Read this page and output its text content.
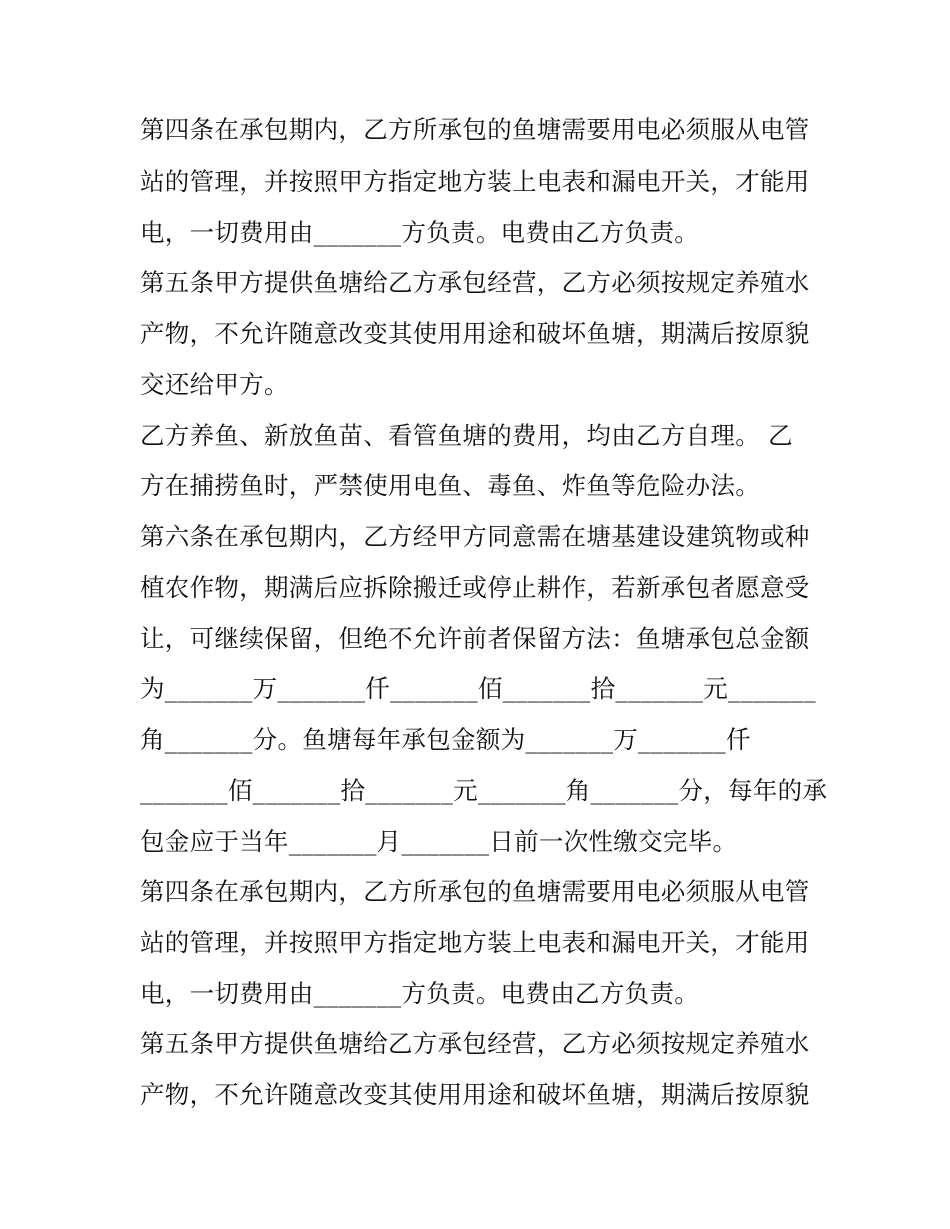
第四条在承包期内，乙方所承包的鱼塘需要用电必须服从电管
站的管理，并按照甲方指定地方装上电表和漏电开关，才能用
电，一切费用由_______方负责。电费由乙方负责。
第五条甲方提供鱼塘给乙方承包经营，乙方必须按规定养殖水
产物，不允许随意改变其使用用途和破坏鱼塘，期满后按原貌
交还给甲方。
乙方养鱼、新放鱼苗、看管鱼塘的费用，均由乙方自理。 乙
方在捕捞鱼时，严禁使用电鱼、毒鱼、炸鱼等危险办法。
第六条在承包期内，乙方经甲方同意需在塘基建设建筑物或种
植农作物，期满后应拆除搬迁或停止耕作，若新承包者愿意受
让，可继续保留，但绝不允许前者保留方法：鱼塘承包总金额
为_______万_______仟_______佰_______拾_______元_______
角_______分。鱼塘每年承包金额为_______万_______仟
_______佰_______拾_______元_______角_______分，每年的承
包金应于当年_______月_______日前一次性缴交完毕。
第四条在承包期内，乙方所承包的鱼塘需要用电必须服从电管
站的管理，并按照甲方指定地方装上电表和漏电开关，才能用
电，一切费用由_______方负责。电费由乙方负责。
第五条甲方提供鱼塘给乙方承包经营，乙方必须按规定养殖水
产物，不允许随意改变其使用用途和破坏鱼塘，期满后按原貌
